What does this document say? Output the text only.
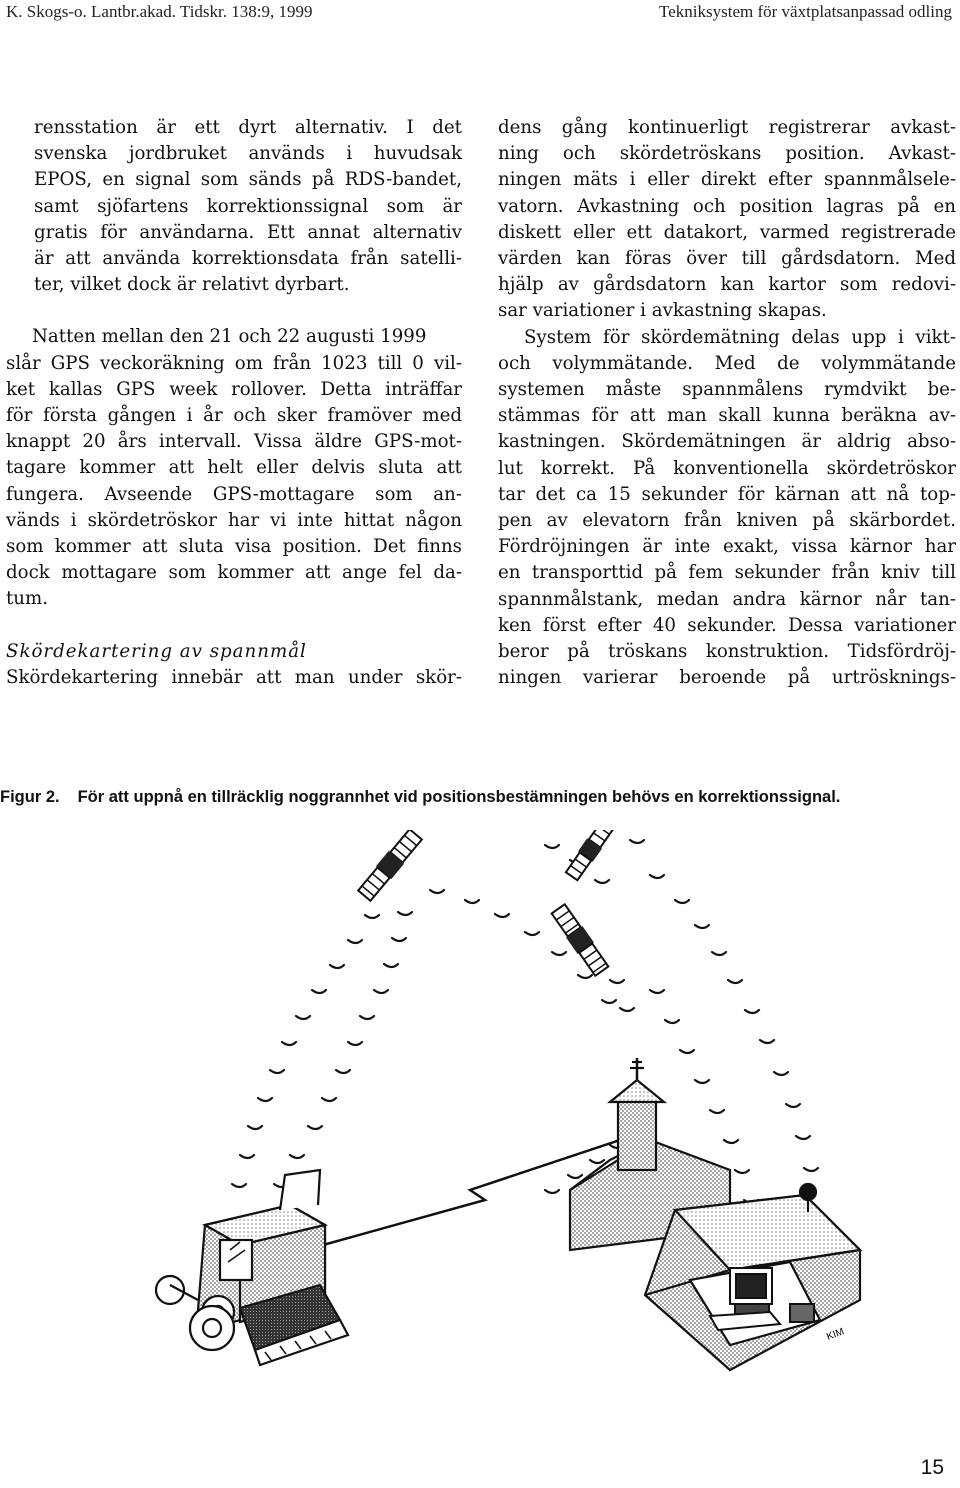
K. Skogs-o. Lantbr.akad. Tidskr. 138:9, 1999	Tekniksystem för växtplatsanpassad odling
rensstation är ett dyrt alternativ. I det
svenska jordbruket används i huvudsak
EPOS, en signal som sänds på RDS-bandet,
samt sjöfartens korrektionssignal som är
gratis för användarna. Ett annat alternativ
är att använda korrektionsdata från satelli-
ter, vilket dock är relativt dyrbart.
Natten mellan den 21 och 22 augusti 1999
slår GPS veckoräkning om från 1023 till 0 vil-
ket kallas GPS week rollover. Detta inträffar
för första gången i år och sker framöver med
knappt 20 års intervall. Vissa äldre GPS-mot-
tagare kommer att helt eller delvis sluta att
fungera. Avseende GPS-mottagare som an-
vänds i skördetröskor har vi inte hittat någon
som kommer att sluta visa position. Det finns
dock mottagare som kommer att ange fel da-
tum.
Skördekartering av spannmål
Skördekartering innebär att man under skör-
dens gång kontinuerligt registrerar avkast-
ning och skördetröskans position. Avkast-
ningen mäts i eller direkt efter spannmålsele-
vatorn. Avkastning och position lagras på en
diskett eller ett datakort, varmed registrerade
värden kan föras över till gårdsdatorn. Med
hjälp av gårdsdatorn kan kartor som redovi-
sar variationer i avkastning skapas.
System för skördemätning delas upp i vikt-
och volymmätande. Med de volymmätande
systemen måste spannmålens rymdvikt be-
stämmas för att man skall kunna beräkna av-
kastningen. Skördemätningen är aldrig abso-
lut korrekt. På konventionella skördetröskor
tar det ca 15 sekunder för kärnan att nå top-
pen av elevatorn från kniven på skärbordet.
Fördröjningen är inte exakt, vissa kärnor har
en transporttid på fem sekunder från kniv till
spannmålstank, medan andra kärnor når tan-
ken först efter 40 sekunder. Dessa variationer
beror på tröskans konstruktion. Tidsfördröj-
ningen varierar beroende på urtrösknings-
Figur 2. För att uppnå en tillräcklig noggrannhet vid positionsbestämningen behövs en korrektionssignal.
KIM
15
